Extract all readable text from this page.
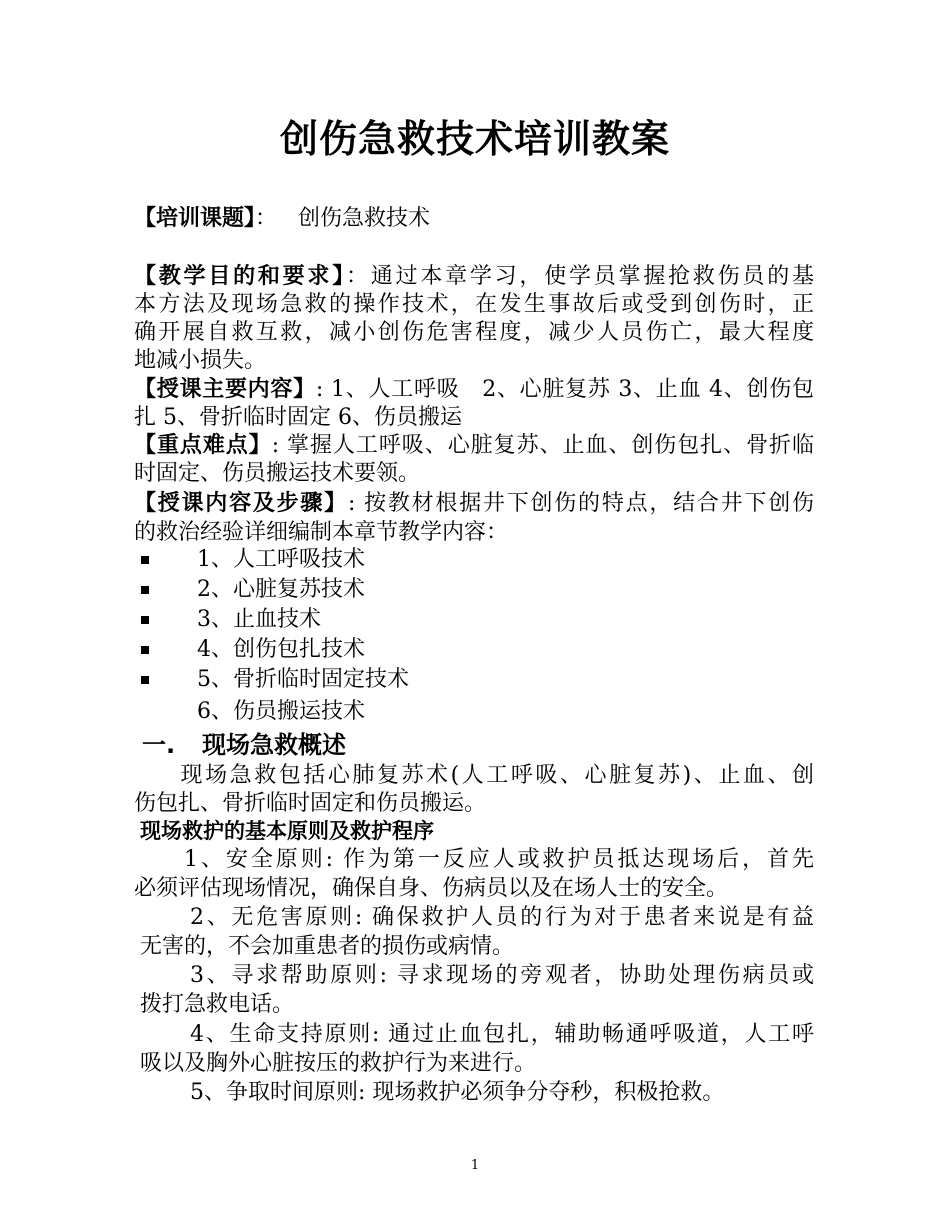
创伤急救技术培训教案
【培训课题】： 创伤急救技术
【教学目的和要求】：通过本章学习，使学员掌握抢救伤员的基
本方法及现场急救的操作技术，在发生事故后或受到创伤时，正
确开展自救互救，减小创伤危害程度，减少人员伤亡，最大程度
地减小损失。
【授课主要内容】: 1、人工呼吸　2、心脏复苏 3、止血 4、创伤包
扎 5、骨折临时固定 6、伤员搬运
【重点难点】: 掌握人工呼吸、心脏复苏、止血、创伤包扎、骨折临
时固定、伤员搬运技术要领。
【授课内容及步骤】: 按教材根据井下创伤的特点，结合井下创伤
的救治经验详细编制本章节教学内容：
1、人工呼吸技术
2、心脏复苏技术
3、止血技术
4、创伤包扎技术
5、骨折临时固定技术
6、伤员搬运技术
一. 现场急救概述
  现场急救包括心肺复苏术(人工呼吸、心脏复苏)、止血、创
伤包扎、骨折临时固定和伤员搬运。
现场救护的基本原则及救护程序
1、安全原则: 作为第一反应人或救护员抵达现场后，首先
必须评估现场情况，确保自身、伤病员以及在场人士的安全。
2、无危害原则: 确保救护人员的行为对于患者来说是有益
无害的，不会加重患者的损伤或病情。
3、寻求帮助原则: 寻求现场的旁观者，协助处理伤病员或
拨打急救电话。
4、生命支持原则: 通过止血包扎，辅助畅通呼吸道，人工呼
吸以及胸外心脏按压的救护行为来进行。
5、争取时间原则: 现场救护必须争分夺秒，积极抢救。
1
